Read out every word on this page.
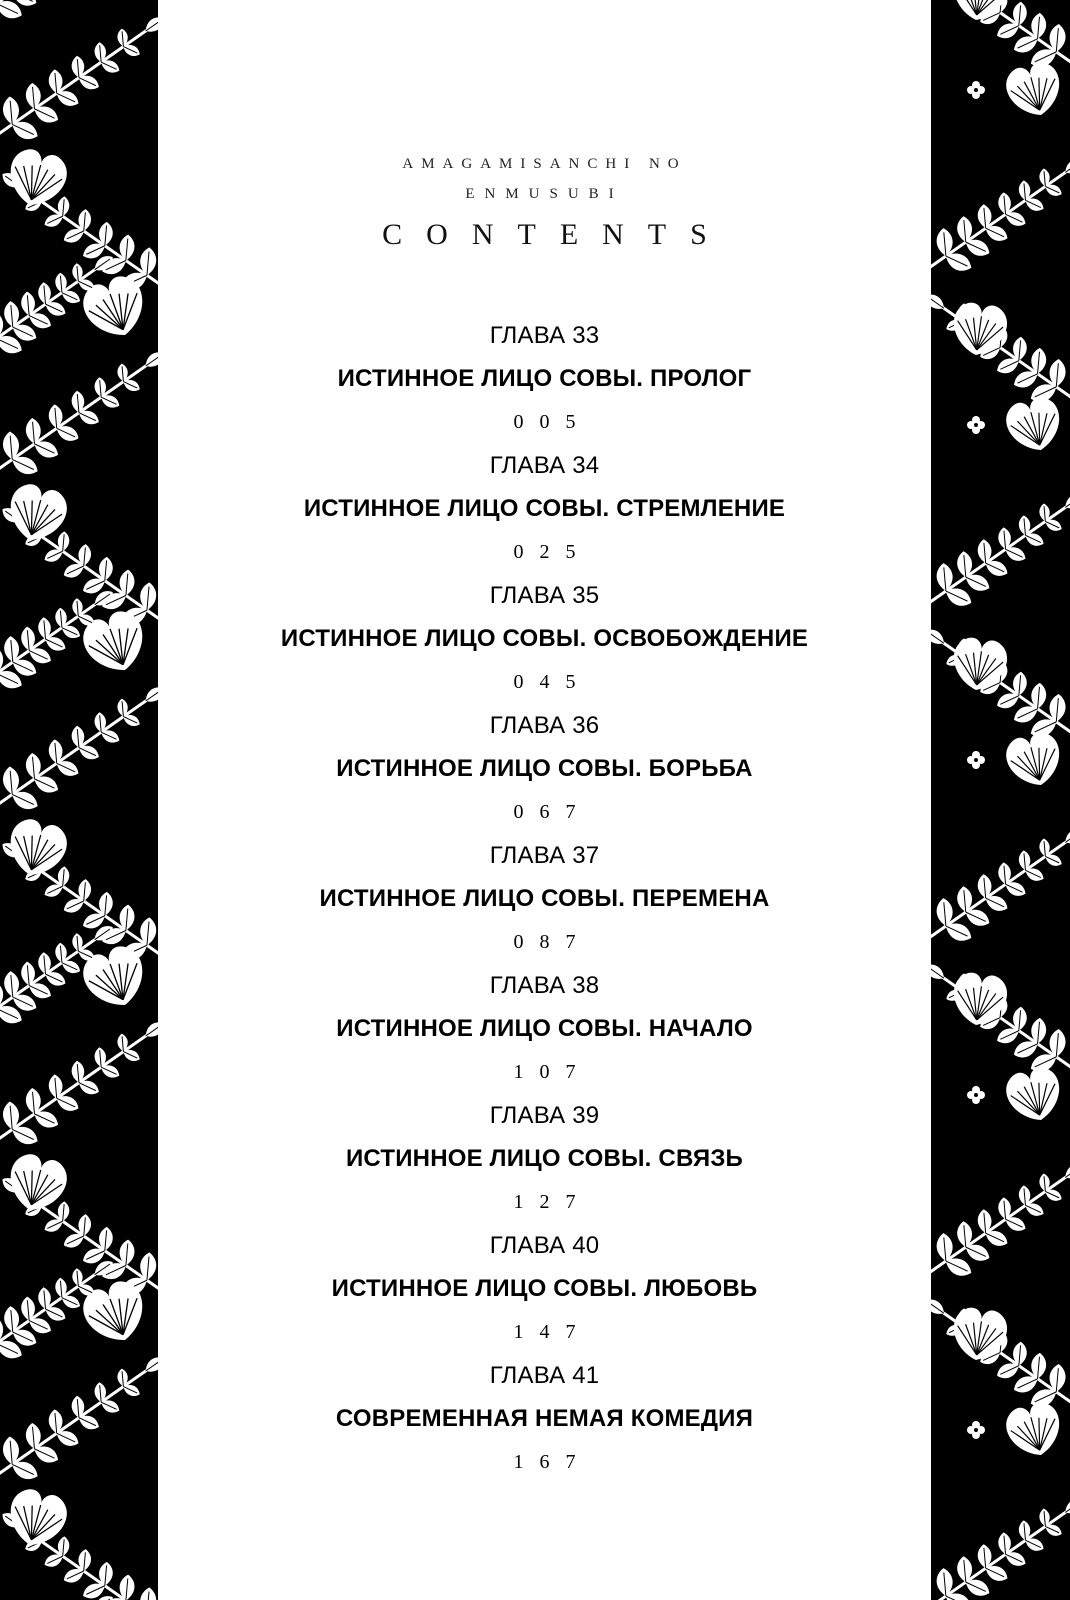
AMAGAMISANCHI NO
ENMUSUBI
CONTENTS
ГЛАВА 33
ИСТИННОЕ ЛИЦО СОВЫ. ПРОЛОГ
005
ГЛАВА 34
ИСТИННОЕ ЛИЦО СОВЫ. СТРЕМЛЕНИЕ
025
ГЛАВА 35
ИСТИННОЕ ЛИЦО СОВЫ. ОСВОБОЖДЕНИЕ
045
ГЛАВА 36
ИСТИННОЕ ЛИЦО СОВЫ. БОРЬБА
067
ГЛАВА 37
ИСТИННОЕ ЛИЦО СОВЫ. ПЕРЕМЕНА
087
ГЛАВА 38
ИСТИННОЕ ЛИЦО СОВЫ. НАЧАЛО
107
ГЛАВА 39
ИСТИННОЕ ЛИЦО СОВЫ. СВЯЗЬ
127
ГЛАВА 40
ИСТИННОЕ ЛИЦО СОВЫ. ЛЮБОВЬ
147
ГЛАВА 41
СОВРЕМЕННАЯ НЕМАЯ КОМЕДИЯ
167
